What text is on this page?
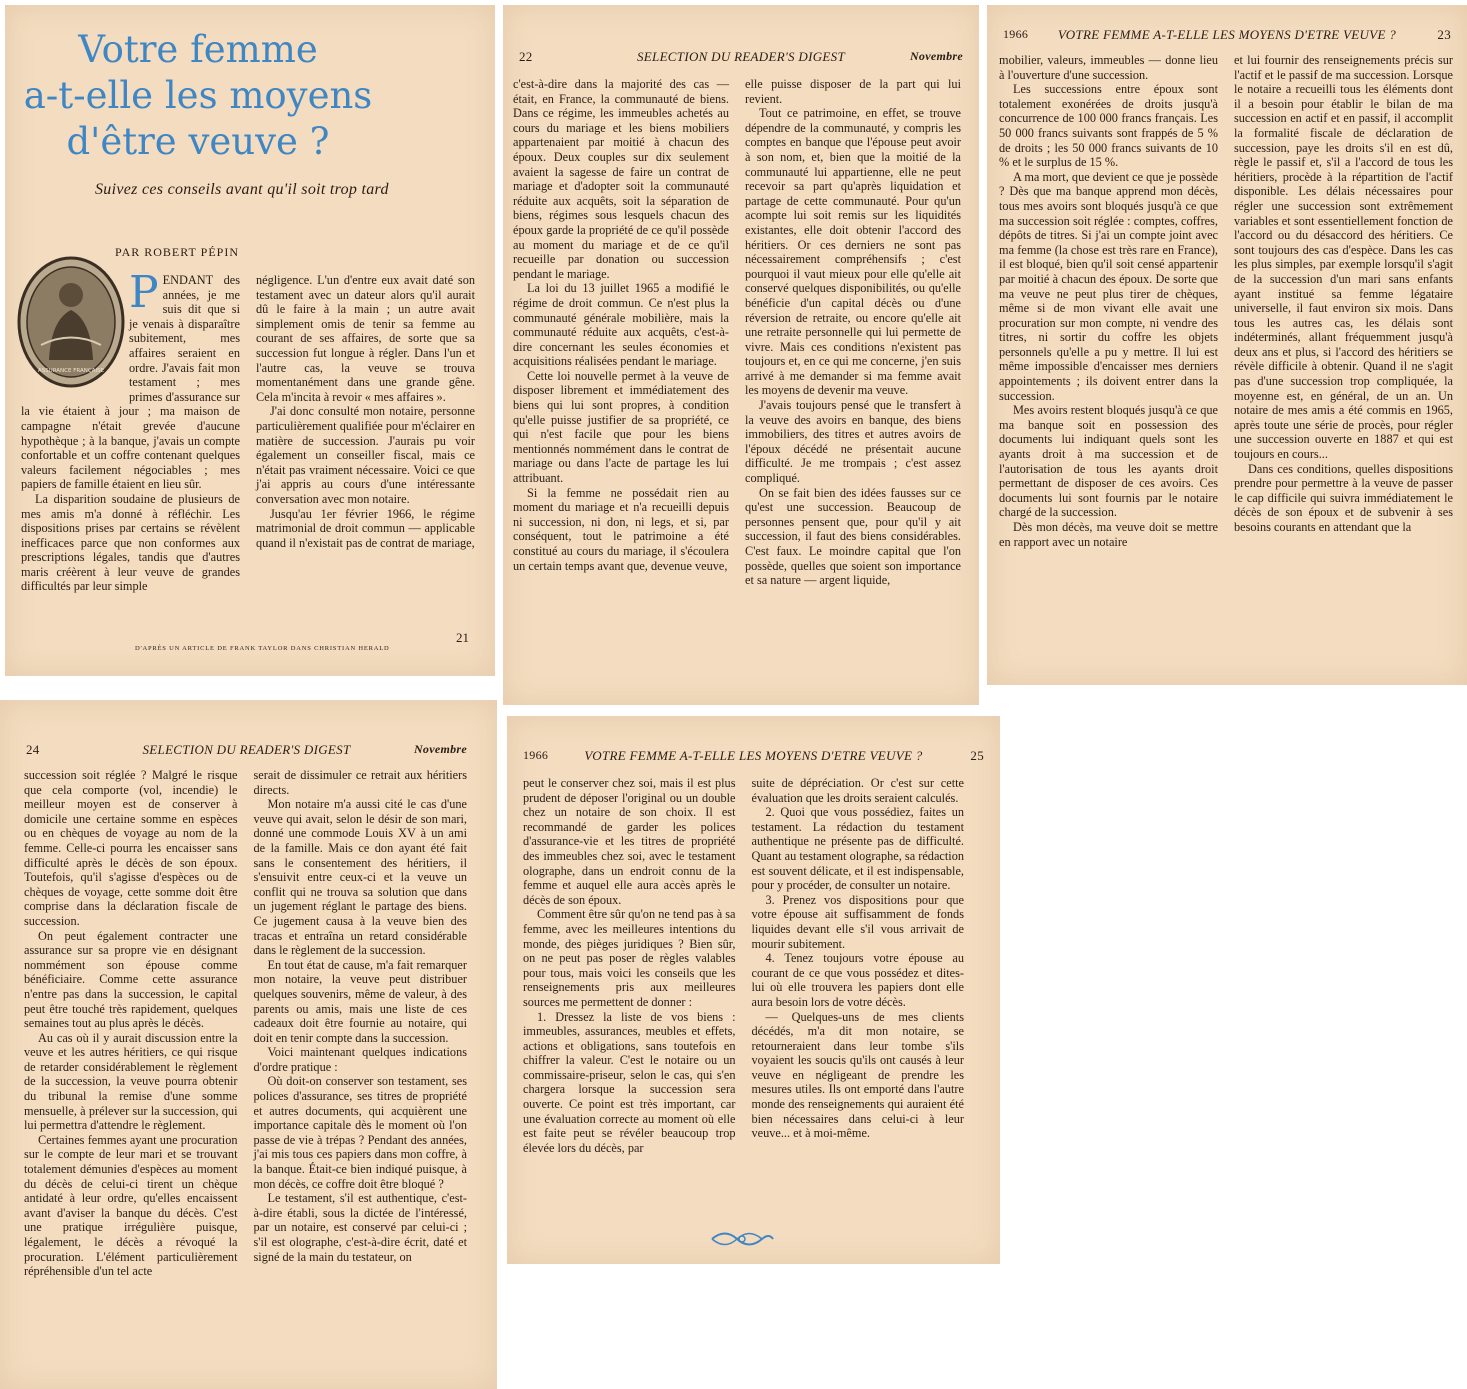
Votre femme
a-t-elle les moyens
d'être veuve ?
Suivez ces conseils avant qu'il soit trop tard
PAR ROBERT PÉPIN
ASSURANCE FRANÇAISE

PENDANT des années, je me suis dit que si je venais à disparaître subitement, mes affaires seraient en ordre. J'avais fait mon testament ; mes primes d'assurance sur la vie étaient à jour ; ma maison de campagne n'était grevée d'aucune hypothèque ; à la banque, j'avais un compte confortable et un coffre contenant quelques valeurs facilement négociables ; mes papiers de famille étaient en lieu sûr.

La disparition soudaine de plusieurs de mes amis m'a donné à réfléchir. Les dispositions prises par certains se révèlent inefficaces parce que non conformes aux prescriptions légales, tandis que d'autres maris créèrent à leur veuve de grandes difficultés par leur simple

négligence. L'un d'entre eux avait daté son testament avec un dateur alors qu'il aurait dû le faire à la main ; un autre avait simplement omis de tenir sa femme au courant de ses affaires, de sorte que sa succession fut longue à régler. Dans l'un et l'autre cas, la veuve se trouva momentanément dans une grande gêne. Cela m'incita à revoir « mes affaires ».

J'ai donc consulté mon notaire, personne particulièrement qualifiée pour m'éclairer en matière de succession. J'aurais pu voir également un conseiller fiscal, mais ce n'était pas vraiment nécessaire. Voici ce que j'ai appris au cours d'une intéressante conversation avec mon notaire.

Jusqu'au 1er février 1966, le régime matrimonial de droit commun — applicable quand il n'existait pas de contrat de mariage,

D'APRÈS UN ARTICLE DE FRANK TAYLOR DANS CHRISTIAN HERALD
21
22	SELECTION DU READER'S DIGEST	Novembre

c'est-à-dire dans la majorité des cas — était, en France, la communauté de biens. Dans ce régime, les immeubles achetés au cours du mariage et les biens mobiliers appartenaient par moitié à chacun des époux. Deux couples sur dix seulement avaient la sagesse de faire un contrat de mariage et d'adopter soit la communauté réduite aux acquêts, soit la séparation de biens, régimes sous lesquels chacun des époux garde la propriété de ce qu'il possède au moment du mariage et de ce qu'il recueille par donation ou succession pendant le mariage.

La loi du 13 juillet 1965 a modifié le régime de droit commun. Ce n'est plus la communauté générale mobilière, mais la communauté réduite aux acquêts, c'est-à-dire concernant les seules économies et acquisitions réalisées pendant le mariage.

Cette loi nouvelle permet à la veuve de disposer librement et immédiatement des biens qui lui sont propres, à condition qu'elle puisse justifier de sa propriété, ce qui n'est facile que pour les biens mentionnés nommément dans le contrat de mariage ou dans l'acte de partage les lui attribuant.

Si la femme ne possédait rien au moment du mariage et n'a recueilli depuis ni succession, ni don, ni legs, et si, par conséquent, tout le patrimoine a été constitué au cours du mariage, il s'écoulera un certain temps avant que, devenue veuve,

elle puisse disposer de la part qui lui revient.

Tout ce patrimoine, en effet, se trouve dépendre de la communauté, y compris les comptes en banque que l'épouse peut avoir à son nom, et, bien que la moitié de la communauté lui appartienne, elle ne peut recevoir sa part qu'après liquidation et partage de cette communauté. Pour qu'un acompte lui soit remis sur les liquidités existantes, elle doit obtenir l'accord des héritiers. Or ces derniers ne sont pas nécessairement compréhensifs ; c'est pourquoi il vaut mieux pour elle qu'elle ait conservé quelques disponibilités, ou qu'elle bénéficie d'un capital décès ou d'une réversion de retraite, ou encore qu'elle ait une retraite personnelle qui lui permette de vivre. Mais ces conditions n'existent pas toujours et, en ce qui me concerne, j'en suis arrivé à me demander si ma femme avait les moyens de devenir ma veuve.

J'avais toujours pensé que le transfert à la veuve des avoirs en banque, des biens immobiliers, des titres et autres avoirs de l'époux décédé ne présentait aucune difficulté. Je me trompais ; c'est assez compliqué.

On se fait bien des idées fausses sur ce qu'est une succession. Beaucoup de personnes pensent que, pour qu'il y ait succession, il faut des biens considérables. C'est faux. Le moindre capital que l'on possède, quelles que soient son importance et sa nature — argent liquide,

1966	VOTRE FEMME A-T-ELLE LES MOYENS D'ETRE VEUVE ?	23

mobilier, valeurs, immeubles — donne lieu à l'ouverture d'une succession.

Les successions entre époux sont totalement exonérées de droits jusqu'à concurrence de 100 000 francs français. Les 50 000 francs suivants sont frappés de 5 % de droits ; les 50 000 francs suivants de 10 % et le surplus de 15 %.

A ma mort, que devient ce que je possède ? Dès que ma banque apprend mon décès, tous mes avoirs sont bloqués jusqu'à ce que ma succession soit réglée : comptes, coffres, dépôts de titres. Si j'ai un compte joint avec ma femme (la chose est très rare en France), il est bloqué, bien qu'il soit censé appartenir par moitié à chacun des époux. De sorte que ma veuve ne peut plus tirer de chèques, même si de mon vivant elle avait une procuration sur mon compte, ni vendre des titres, ni sortir du coffre les objets personnels qu'elle a pu y mettre. Il lui est même impossible d'encaisser mes derniers appointements ; ils doivent entrer dans la succession.

Mes avoirs restent bloqués jusqu'à ce que ma banque soit en possession des documents lui indiquant quels sont les ayants droit à ma succession et de l'autorisation de tous les ayants droit permettant de disposer de ces avoirs. Ces documents lui sont fournis par le notaire chargé de la succession.

Dès mon décès, ma veuve doit se mettre en rapport avec un notaire

et lui fournir des renseignements précis sur l'actif et le passif de ma succession. Lorsque le notaire a recueilli tous les éléments dont il a besoin pour établir le bilan de ma succession en actif et en passif, il accomplit la formalité fiscale de déclaration de succession, paye les droits s'il en est dû, règle le passif et, s'il a l'accord de tous les héritiers, procède à la répartition de l'actif disponible. Les délais nécessaires pour régler une succession sont extrêmement variables et sont essentiellement fonction de l'accord ou du désaccord des héritiers. Ce sont toujours des cas d'espèce. Dans les cas les plus simples, par exemple lorsqu'il s'agit de la succession d'un mari sans enfants ayant institué sa femme légataire universelle, il faut environ six mois. Dans tous les autres cas, les délais sont indéterminés, allant fréquemment jusqu'à deux ans et plus, si l'accord des héritiers se révèle difficile à obtenir. Quand il ne s'agit pas d'une succession trop compliquée, la moyenne est, en général, de un an. Un notaire de mes amis a été commis en 1965, après toute une série de procès, pour régler une succession ouverte en 1887 et qui est toujours en cours...

Dans ces conditions, quelles dispositions prendre pour permettre à la veuve de passer le cap difficile qui suivra immédiatement le décès de son époux et de subvenir à ses besoins courants en attendant que la

24	SELECTION DU READER'S DIGEST	Novembre

succession soit réglée ? Malgré le risque que cela comporte (vol, incendie) le meilleur moyen est de conserver à domicile une certaine somme en espèces ou en chèques de voyage au nom de la femme. Celle-ci pourra les encaisser sans difficulté après le décès de son époux. Toutefois, qu'il s'agisse d'espèces ou de chèques de voyage, cette somme doit être comprise dans la déclaration fiscale de succession.

On peut également contracter une assurance sur sa propre vie en désignant nommément son épouse comme bénéficiaire. Comme cette assurance n'entre pas dans la succession, le capital peut être touché très rapidement, quelques semaines tout au plus après le décès.

Au cas où il y aurait discussion entre la veuve et les autres héritiers, ce qui risque de retarder considérablement le règlement de la succession, la veuve pourra obtenir du tribunal la remise d'une somme mensuelle, à prélever sur la succession, qui lui permettra d'attendre le règlement.

Certaines femmes ayant une procuration sur le compte de leur mari et se trouvant totalement démunies d'espèces au moment du décès de celui-ci tirent un chèque antidaté à leur ordre, qu'elles encaissent avant d'aviser la banque du décès. C'est une pratique irrégulière puisque, légalement, le décès a révoqué la procuration. L'élément particulièrement répréhensible d'un tel acte

serait de dissimuler ce retrait aux héritiers directs.

Mon notaire m'a aussi cité le cas d'une veuve qui avait, selon le désir de son mari, donné une commode Louis XV à un ami de la famille. Mais ce don ayant été fait sans le consentement des héritiers, il s'ensuivit entre ceux-ci et la veuve un conflit qui ne trouva sa solution que dans un jugement réglant le partage des biens. Ce jugement causa à la veuve bien des tracas et entraîna un retard considérable dans le règlement de la succession.

En tout état de cause, m'a fait remarquer mon notaire, la veuve peut distribuer quelques souvenirs, même de valeur, à des parents ou amis, mais une liste de ces cadeaux doit être fournie au notaire, qui doit en tenir compte dans la succession.

Voici maintenant quelques indications d'ordre pratique :

Où doit-on conserver son testament, ses polices d'assurance, ses titres de propriété et autres documents, qui acquièrent une importance capitale dès le moment où l'on passe de vie à trépas ? Pendant des années, j'ai mis tous ces papiers dans mon coffre, à la banque. Était-ce bien indiqué puisque, à mon décès, ce coffre doit être bloqué ?

Le testament, s'il est authentique, c'est-à-dire établi, sous la dictée de l'intéressé, par un notaire, est conservé par celui-ci ; s'il est olographe, c'est-à-dire écrit, daté et signé de la main du testateur, on

1966	VOTRE FEMME A-T-ELLE LES MOYENS D'ETRE VEUVE ?	25

peut le conserver chez soi, mais il est plus prudent de déposer l'original ou un double chez un notaire de son choix. Il est recommandé de garder les polices d'assurance-vie et les titres de propriété des immeubles chez soi, avec le testament olographe, dans un endroit connu de la femme et auquel elle aura accès après le décès de son époux.

Comment être sûr qu'on ne tend pas à sa femme, avec les meilleures intentions du monde, des pièges juridiques ? Bien sûr, on ne peut pas poser de règles valables pour tous, mais voici les conseils que les renseignements pris aux meilleures sources me permettent de donner :

1. Dressez la liste de vos biens : immeubles, assurances, meubles et effets, actions et obligations, sans toutefois en chiffrer la valeur. C'est le notaire ou un commissaire-priseur, selon le cas, qui s'en chargera lorsque la succession sera ouverte. Ce point est très important, car une évaluation correcte au moment où elle est faite peut se révéler beaucoup trop élevée lors du décès, par

suite de dépréciation. Or c'est sur cette évaluation que les droits seraient calculés.

2. Quoi que vous possédiez, faites un testament. La rédaction du testament authentique ne présente pas de difficulté. Quant au testament olographe, sa rédaction est souvent délicate, et il est indispensable, pour y procéder, de consulter un notaire.

3. Prenez vos dispositions pour que votre épouse ait suffisamment de fonds liquides devant elle s'il vous arrivait de mourir subitement.

4. Tenez toujours votre épouse au courant de ce que vous possédez et dites-lui où elle trouvera les papiers dont elle aura besoin lors de votre décès.

— Quelques-uns de mes clients décédés, m'a dit mon notaire, se retourneraient dans leur tombe s'ils voyaient les soucis qu'ils ont causés à leur veuve en négligeant de prendre les mesures utiles. Ils ont emporté dans l'autre monde des renseignements qui auraient été bien nécessaires dans celui-ci à leur veuve... et à moi-même.
